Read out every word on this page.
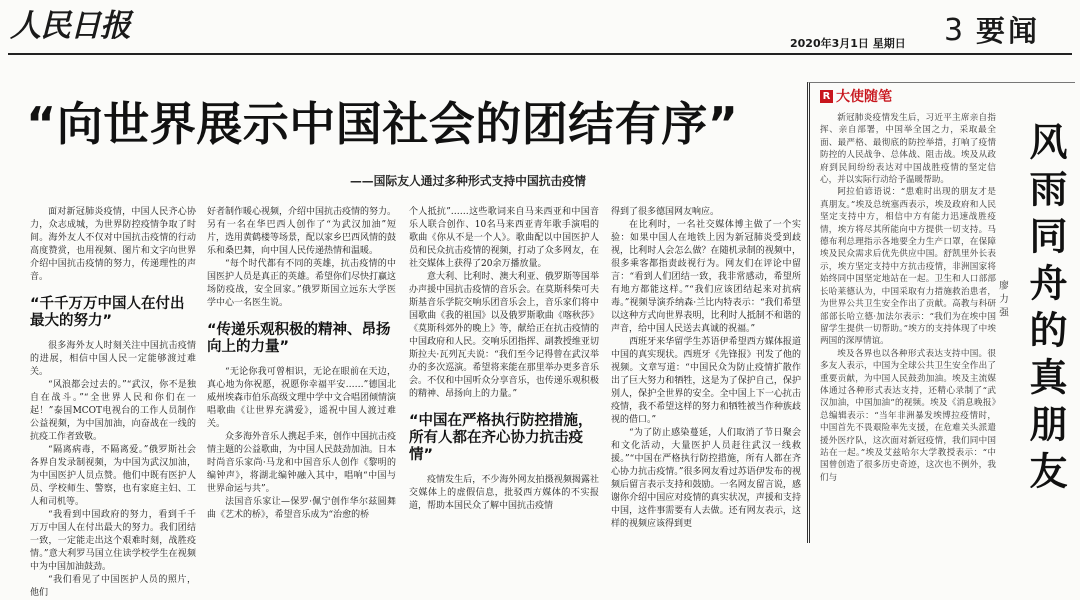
人民日报	2020年3月1日 星期日 3 要闻
“向世界展示中国社会的团结有序”
——国际友人通过多种形式支持中国抗击疫情

面对新冠肺炎疫情，中国人民齐心协力，众志成城，为世界防控疫情争取了时间。海外友人不仅对中国抗击疫情的行动高度赞赏，也用视频、图片和文字向世界介绍中国抗击疫情的努力，传递理性的声音。

“千千万万中国人在付出最大的努力”

很多海外友人时刻关注中国抗击疫情的进展，相信中国人民一定能够渡过难关。

“风浪都会过去的。”“武汉，你不是独自在战斗。”“全世界人民和你们在一起！”泰国MCOT电视台的工作人员制作公益视频，为中国加油，向奋战在一线的抗疫工作者致敬。

“隔离病毒，不隔离爱。”俄罗斯社会各界自发录制视频，为中国为武汉加油，为中国医护人员点赞。他们中既有医护人员、学校师生、警察，也有家庭主妇、工人和司机等。

“我看到中国政府的努力，看到千千万万中国人在付出最大的努力。我们团结一致，一定能走出这个艰难时刻，战胜疫情。”意大利罗马国立住读学校学生在视频中为中国加油鼓劲。

“我们看见了中国医护人员的照片，他们

好者制作暖心视频，介绍中国抗击疫情的努力。另有一名在华巴西人创作了“为武汉加油”短片，选用黄鹤楼等场景，配以家乡巴西风情的鼓乐和桑巴舞，向中国人民传递热情和温暖。

“每个时代都有不同的英雄，抗击疫情的中国医护人员是真正的英雄。希望你们尽快打赢这场防疫战，安全回家。”俄罗斯国立远东大学医学中心一名医生说。

“传递乐观积极的精神、昂扬向上的力量”

“无论你我可曾相识，无论在眼前在天边，真心地为你祝愿，祝愿你幸福平安……”德国北威州埃森市伯乐高级文理中学中文合唱团倾情演唱歌曲《让世界充满爱》，遥祝中国人渡过难关。

众多海外音乐人携起手来，创作中国抗击疫情主题的公益歌曲，为中国人民鼓劲加油。日本时尚音乐家尚·马龙和中国音乐人创作《黎明的编钟声》，将湖北编钟融入其中，唱响“中国与世界命运与共”。

法国音乐家让—保罗·佩宁创作华尔兹圆舞曲《艺术的桥》，希望音乐成为“治愈的桥

个人抵抗”……这些歌词来自马来西亚和中国音乐人联合创作、10名马来西亚青年歌手演唱的歌曲《你从不是一个人》。歌曲配以中国医护人员和民众抗击疫情的视频，打动了众多网友，在社交媒体上获得了20余万播放量。

意大利、比利时、澳大利亚、俄罗斯等国举办声援中国抗击疫情的音乐会。在莫斯科柴可夫斯基音乐学院交响乐团音乐会上，音乐家们将中国歌曲《我的祖国》以及俄罗斯歌曲《喀秋莎》《莫斯科郊外的晚上》等，献给正在抗击疫情的中国政府和人民。交响乐团指挥、副教授维亚切斯拉夫·瓦列瓦夫说：“我们至今记得曾在武汉举办的多次巡演。希望将来能在那里举办更多音乐会。不仅和中国听众分享音乐，也传递乐观积极的精神、昂扬向上的力量。”

“中国在严格执行防控措施，所有人都在齐心协力抗击疫情”

疫情发生后，不少海外网友拍摄视频揭露社交媒体上的虚假信息，批驳西方媒体的不实报道，帮助本国民众了解中国抗击疫情

得到了很多德国网友响应。

在比利时，一名社交媒体博主做了一个实验：如果中国人在地铁上因为新冠肺炎受到歧视，比利时人会怎么做？在随机录制的视频中，很多乘客都指责歧视行为。网友们在评论中留言：“看到人们团结一致，我非常感动，希望所有地方都能这样。”“我们应该团结起来对抗病毒。”视频导演乔纳森·兰比内特表示：“我们希望以这种方式向世界表明，比利时人抵制不和谐的声音，给中国人民送去真诚的祝福。”

西班牙来华留学生苏语伊希望西方媒体报道中国的真实现状。西班牙《先锋报》刊发了他的视频。文章写道：“中国民众为防止疫情扩散作出了巨大努力和牺牲，这是为了保护自己，保护别人，保护全世界的安全。全中国上下一心抗击疫情，我不希望这样的努力和牺牲被当作种族歧视的借口。”

“为了防止感染蔓延，人们取消了节日聚会和文化活动，大量医护人员赶往武汉一线救援。”“中国在严格执行防控措施，所有人都在齐心协力抗击疫情。”很多网友看过苏语伊发布的视频后留言表示支持和鼓励。一名网友留言说，感谢你介绍中国应对疫情的真实状况，声援和支持中国，这件事需要有人去做。还有网友表示，这样的视频应该得到更

R 大使随笔

新冠肺炎疫情发生后，习近平主席亲自指挥、亲自部署，中国举全国之力，采取最全面、最严格、最彻底的防控举措，打响了疫情防控的人民战争、总体战、阻击战。埃及从政府到民间纷纷表达对中国战胜疫情的坚定信心，并以实际行动给予温暖帮助。

阿拉伯谚语说：“患难时出现的朋友才是真朋友。”埃及总统塞西表示，埃及政府和人民坚定支持中方，相信中方有能力迅速战胜疫情，埃方将尽其所能向中方提供一切支持。马德布利总理指示各地要全力生产口罩，在保障埃及民众需求后优先供应中国。舒凯里外长表示，埃方坚定支持中方抗击疫情，非洲国家将始终同中国坚定地站在一起。卫生和人口部部长哈莱德认为，中国采取有力措施救治患者，为世界公共卫生安全作出了贡献。高教与科研部部长哈立德·加法尔表示：“我们为在埃中国留学生提供一切帮助。”埃方的支持体现了中埃两国的深厚情谊。

埃及各界也以各种形式表达支持中国。很多友人表示，中国为全球公共卫生安全作出了重要贡献，为中国人民鼓劲加油。埃及主流媒体通过各种形式表达支持，还精心录制了“武汉加油，中国加油”的视频。埃及《消息晚报》总编辑表示：“当年非洲暴发埃博拉疫情时，中国首先不畏艰险率先支援，在危难关头派遣援外医疗队，这次面对新冠疫情，我们同中国站在一起。”埃及艾兹哈尔大学教授表示：“中国曾创造了很多历史奇迹，这次也不例外，我们与

廖力强 风雨同舟的真朋友
